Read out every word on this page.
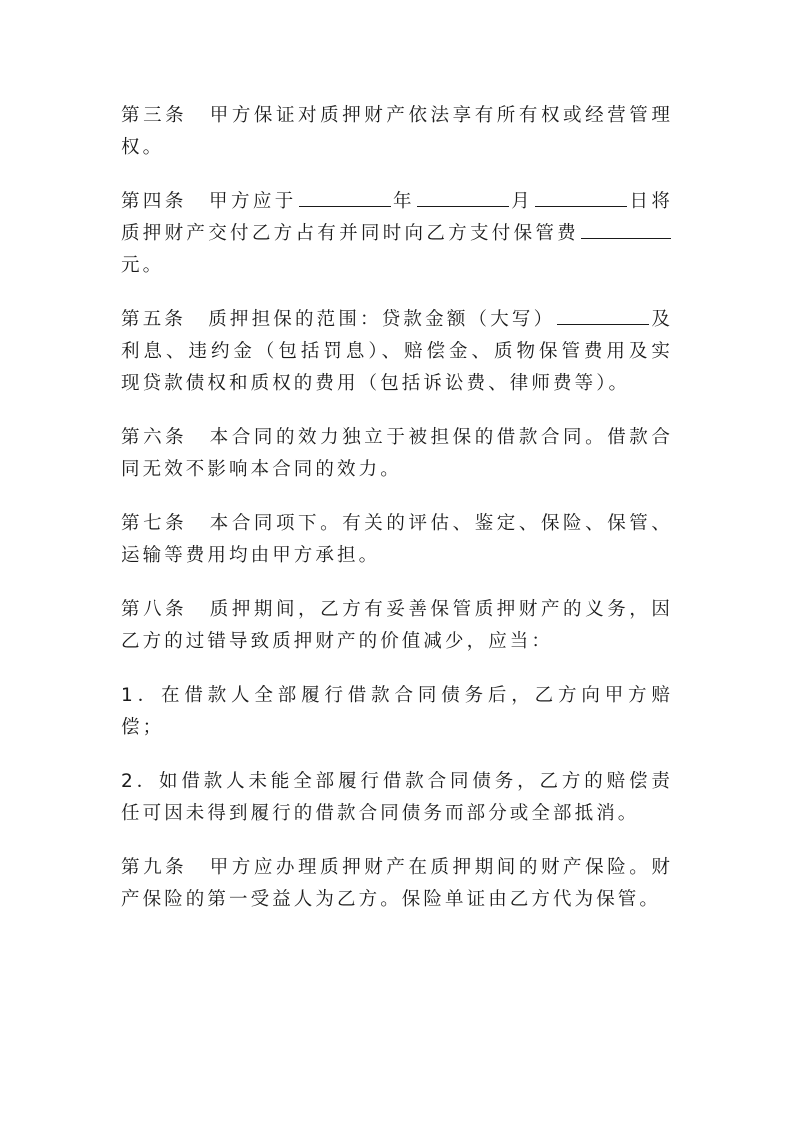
第三条 甲方保证对质押财产依法享有所有权或经营管理权。

第四条 甲方应于	年	月	日将质押财产交付乙方占有并同时向乙方支付保管费元。

第五条 质押担保的范围：贷款金额（大写）	及利息、违约金（包括罚息）、赔偿金、质物保管费用及实现贷款债权和质权的费用（包括诉讼费、律师费等）。

第六条 本合同的效力独立于被担保的借款合同。借款合同无效不影响本合同的效力。

第七条 本合同项下。有关的评估、鉴定、保险、保管、运输等费用均由甲方承担。

第八条 质押期间，乙方有妥善保管质押财产的义务，因乙方的过错导致质押财产的价值减少，应当：

1．在借款人全部履行借款合同债务后，乙方向甲方赔偿；

2．如借款人未能全部履行借款合同债务，乙方的赔偿责任可因未得到履行的借款合同债务而部分或全部抵消。

第九条 甲方应办理质押财产在质押期间的财产保险。财产保险的第一受益人为乙方。保险单证由乙方代为保管。
